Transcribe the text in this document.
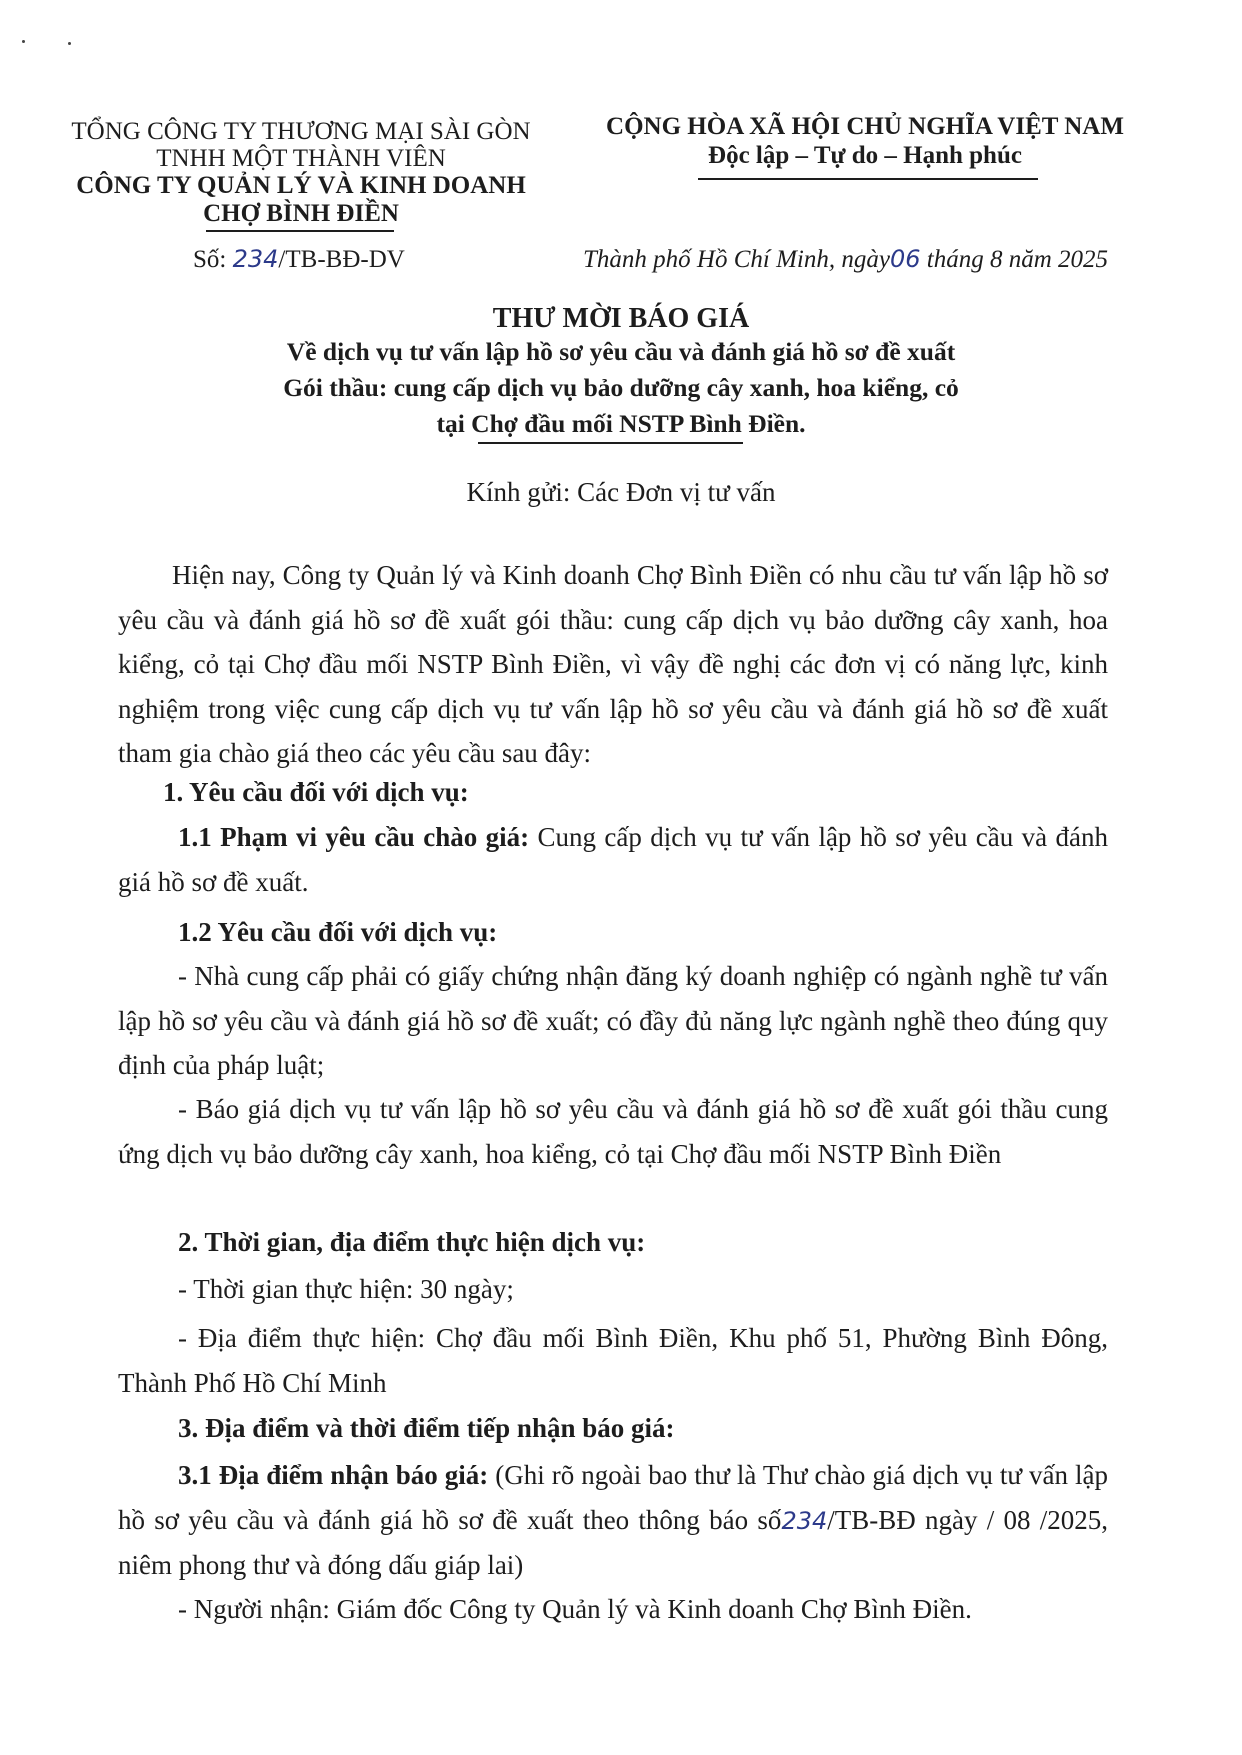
TỔNG CÔNG TY THƯƠNG MẠI SÀI GÒN
TNHH MỘT THÀNH VIÊN
CÔNG TY QUẢN LÝ VÀ KINH DOANH
CHỢ BÌNH ĐIỀN
CỘNG HÒA XÃ HỘI CHỦ NGHĨA VIỆT NAM
Độc lập – Tự do – Hạnh phúc
Số: 234/TB-BĐ-DV	Thành phố Hồ Chí Minh, ngày06 tháng 8 năm 2025
THƯ MỜI BÁO GIÁ
Về dịch vụ tư vấn lập hồ sơ yêu cầu và đánh giá hồ sơ đề xuất
Gói thầu: cung cấp dịch vụ bảo dưỡng cây xanh, hoa kiểng, cỏ
tại Chợ đầu mối NSTP Bình Điền.
Kính gửi: Các Đơn vị tư vấn
Hiện nay, Công ty Quản lý và Kinh doanh Chợ Bình Điền có nhu cầu tư vấn lập hồ sơ yêu cầu và đánh giá hồ sơ đề xuất gói thầu: cung cấp dịch vụ bảo dưỡng cây xanh, hoa kiểng, cỏ tại Chợ đầu mối NSTP Bình Điền, vì vậy đề nghị các đơn vị có năng lực, kinh nghiệm trong việc cung cấp dịch vụ tư vấn lập hồ sơ yêu cầu và đánh giá hồ sơ đề xuất tham gia chào giá theo các yêu cầu sau đây:
1. Yêu cầu đối với dịch vụ:
1.1 Phạm vi yêu cầu chào giá: Cung cấp dịch vụ tư vấn lập hồ sơ yêu cầu và đánh giá hồ sơ đề xuất.
1.2 Yêu cầu đối với dịch vụ:
- Nhà cung cấp phải có giấy chứng nhận đăng ký doanh nghiệp có ngành nghề tư vấn lập hồ sơ yêu cầu và đánh giá hồ sơ đề xuất; có đầy đủ năng lực ngành nghề theo đúng quy định của pháp luật;
- Báo giá dịch vụ tư vấn lập hồ sơ yêu cầu và đánh giá hồ sơ đề xuất gói thầu cung ứng dịch vụ bảo dưỡng cây xanh, hoa kiểng, cỏ tại Chợ đầu mối NSTP Bình Điền
2. Thời gian, địa điểm thực hiện dịch vụ:
- Thời gian thực hiện: 30 ngày;
- Địa điểm thực hiện: Chợ đầu mối Bình Điền, Khu phố 51, Phường Bình Đông, Thành Phố Hồ Chí Minh
3. Địa điểm và thời điểm tiếp nhận báo giá:
3.1 Địa điểm nhận báo giá: (Ghi rõ ngoài bao thư là Thư chào giá dịch vụ tư vấn lập hồ sơ yêu cầu và đánh giá hồ sơ đề xuất theo thông báo số234/TB-BĐ ngày / 08 /2025, niêm phong thư và đóng dấu giáp lai)
- Người nhận: Giám đốc Công ty Quản lý và Kinh doanh Chợ Bình Điền.
